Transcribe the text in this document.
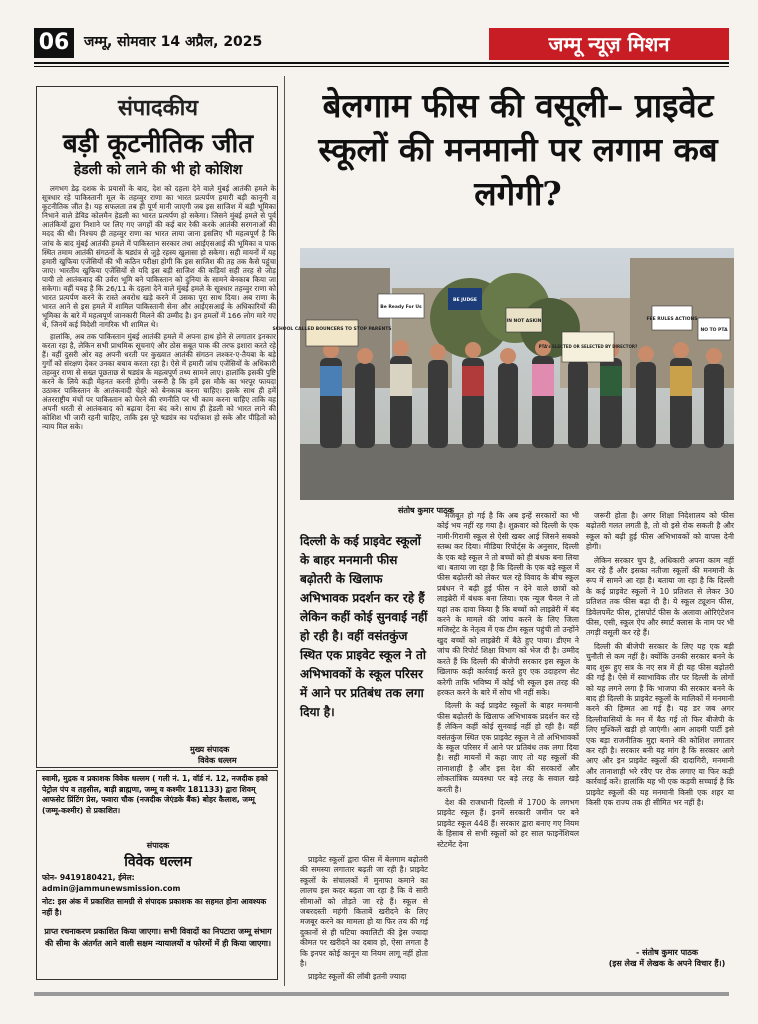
06	जम्मू, सोमवार 14 अप्रैल, 2025	जम्मू न्यूज़ मिशन
संपादकीय
बड़ी कूटनीतिक जीत
हेडली को लाने की भी हो कोशिश

लगभग डेढ़ दशक के प्रयासों के बाद, देश को दहला देने वाले मुंबई आतंकी हमले के सूत्रधार रहे पाकिस्तानी मूल के तहव्वुर राणा का भारत प्रत्यर्पण हमारी बड़ी कानूनी व कूटनीतिक जीत है। यह सफलता तब ही पूर्ण मानी जाएगी जब इस साजिश में बड़ी भूमिका निभाने वाले डेविड कोलमैन हेडली का भारत प्रत्यर्पण हो सकेगा। जिसने मुंबई हमले से पूर्व आतंकियों द्वारा निशाने पर लिए गए जगहों की कई बार रेकी करके आतंकी सरगनाओं की मदद की थी। निश्चय ही तहव्वुर राणा का भारत लाया जाना इसलिए भी महत्वपूर्ण है कि जांच के बाद मुंबई आतंकी हमले में पाकिस्तान सरकार तथा आईएसआई की भूमिका व पाक स्थित तमाम आतंकी संगठनों के षड्यंत्र से जुड़े रहस्य खुलासा हो सकेगा। सही मायनों में यह हमारी खुफिया एजेंसियों की भी कठिन परीक्षा होगी कि इस साजिश की तह तक कैसे पहुंचा जाए। भारतीय खुफिया एजेंसियों से यदि इस बड़ी साजिश की कड़ियां सही तरह से जोड़ पायी तो आतंकवाद की उर्वरा भूमि बने पाकिस्तान को दुनिया के सामने बेनकाब किया जा सकेगा। वहीं यवह है कि 26/11 के दहला देने वाले मुंबई हमले के सूत्रधार तहव्वुर राणा को भारत प्रत्यर्पण करने के रास्ते अवरोध खड़े करने में उसका पूरा साथ दिया। अब राणा के भारत आने से इस हमले में शामिल पाकिस्तानी सेना और आईएसआई के अधिकारियों की भूमिका के बारे में महत्वपूर्ण जानकारी मिलने की उम्मीद है। इन हमलों में 166 लोग मारे गए थे, जिनमें कई विदेशी नागरिक भी शामिल थे।

हालांकि, अब तक पाकिस्तान मुंबई आतंकी हमले में अपना हाथ होने से लगातार इनकार करता रहा है, लेकिन सभी प्राथमिक सूचनाएं और ठोस सबूत पाक की तरफ इशारा करते रहे हैं। वहीं दुसरी ओर वह अपनी धरती पर कुख्यात आतंकी संगठन लश्कर-ए-तैयबा के बड़े गुर्गों को संरक्षण देकर उनका बचाव करता रहा है। ऐसे में हमारी जांच एजेंसियों के अधिकारी तहव्वुर राणा से सख्त पूछताछ से षड्यंत्र के महत्वपूर्ण तथ्य सामने लाए। हालांकि इसकी पुष्टि करने के लिये कड़ी मेहनत करनी होगी। जरूरी है कि हमें इस मौके का भरपूर फायदा उठाकर पाकिस्तान के आतंकवादी चेहरे को बेनकाब करना चाहिए। इसके साथ ही हमें अंतरराष्ट्रीय मंचों पर पाकिस्तान को घेरने की रणनीति पर भी काम करना चाहिए ताकि वह अपनी धरती से आतंकवाद को बढ़ावा देना बंद करे। साथ ही हेडली को भारत लाने की कोशिश भी जारी रहनी चाहिए, ताकि इस पूरे षड्यंत्र का पर्दाफाश हो सके और पीड़ितों को न्याय मिल सके।

मुख्य संपादक
विवेक धल्लम
स्वामी, मुद्रक व प्रकाशक विवेक धल्लम ( गली नं. 1, वॉर्ड नं. 12, नजदीक हको पेट्रोल पंप व तहसील, बाड़ी ब्राह्मणा, जम्मू व कश्मीर 181133) द्वारा शिवम् आफसेट प्रिंटिंग प्रेस, फवारा चौक (नजदीक जेएंडके बैंक) बोहर कैलाश, जम्मू (जम्मू-कश्मीर) से प्रकाशित।
संपादक
विवेक धल्लम
फोन- 9419180421, ईमेल: admin@jammunewsmission.com
नोट: इस अंक में प्रकाशित सामग्री से संपादक प्रकाशक का सहमत होना आवश्यक नहीं है।
प्राप्त रचनाकरण प्रकाशित किया जाएगा। सभी विवादों का निपटारा जम्मू संभाग की सीमा के अंतर्गत आने वाली सक्षम न्यायालयों व फोरमों में ही किया जाएगा।
बेलगाम फीस की वसूली– प्राइवेट स्कूलों की मनमानी पर लगाम कब लगेगी?
SCHOOL CALLED BOUNCERS TO STOP PARENTS
Be Ready For Us
BE JUDGE
PTA's ELECTED OR SELECTED BY DIRECTOR?
FEE RULES ACTIONS
IN NOT ASKIN
NO TO PTA
संतोष कुमार पाठक
दिल्ली के कई प्राइवेट स्कूलों के बाहर मनमानी फीस बढ़ोतरी के खिलाफ अभिभावक प्रदर्शन कर रहे हैं लेकिन कहीं कोई सुनवाई नहीं हो रही है। वहीं वसंतकुंज स्थित एक प्राइवेट स्कूल ने तो अभिभावकों के स्कूल परिसर में आने पर प्रतिबंध तक लगा दिया है।

प्राइवेट स्कूलों द्वारा फीस में बेलगाम बढ़ोतरी की समस्या लगातार बढ़ती जा रही है। प्राइवेट स्कूलों के संचालकों में मुनाफा कमाने का लालच इस कदर बढ़ता जा रहा है कि वे सारी सीमाओं को तोड़ते जा रहे हैं। स्कूल से जबरदस्ती महंगी किताबें खरीदने के लिए मजबूर करने का मामला हो या फिर तय की गई दुकानों से ही घटिया क्वालिटी की ड्रेस ज्यादा कीमत पर खरीदने का दबाव हो, ऐसा लगता है कि इनपर कोई कानून या नियम लागू नहीं होता है।

प्राइवेट स्कूलों की लॉबी इतनी ज्यादा

मजबूत हो गई है कि अब इन्हें सरकारों का भी कोई भय नहीं रह गया है। शुक्रवार को दिल्ली के एक नामी-गिरामी स्कूल से ऐसी खबर आई जिसने सबको स्तब्ध कर दिया। मीडिया रिपोर्ट्स के अनुसार, दिल्ली के एक बड़े स्कूल ने तो बच्चों को ही बंधक बना लिया था। बताया जा रहा है कि दिल्ली के एक बड़े स्कूल में फीस बढ़ोतरी को लेकर चल रहे विवाद के बीच स्कूल प्रबंधन ने बढ़ी हुई फीस न देने वाले छात्रों को लाइब्रेरी में बंधक बना लिया। एक न्यूज चैनल ने तो यहां तक दावा किया है कि बच्चों को लाइब्रेरी में बंद करने के मामले की जांच करने के लिए जिला मजिस्ट्रेट के नेतृत्व में एक टीम स्कूल पहुंची तो उन्होंने खुद बच्चों को लाइब्रेरी में बैठे हुए पाया। डीएम ने जांच की रिपोर्ट शिक्षा विभाग को भेज दी है। उम्मीद करते हैं कि दिल्ली की बीजेपी सरकार इस स्कूल के खिलाफ कड़ी कार्रवाई करते हुए एक उदाहरण सेट करेगी ताकि भविष्य में कोई भी स्कूल इस तरह की हरकत करने के बारे में सोच भी नहीं सके।

दिल्ली के कई प्राइवेट स्कूलों के बाहर मनमानी फीस बढ़ोतरी के खिलाफ अभिभावक प्रदर्शन कर रहे हैं लेकिन कहीं कोई सुनवाई नहीं हो रही है। वहीं वसंतकुंज स्थित एक प्राइवेट स्कूल ने तो अभिभावकों के स्कूल परिसर में आने पर प्रतिबंध तक लगा दिया है। सही मायनों में कहा जाए तो यह स्कूलों की तानाशाही है और इस देश की सरकारों और लोकतांत्रिक व्यवस्था पर बड़े तरह के सवाल खड़े करती है।

देश की राजधानी दिल्ली में 1700 के लगभग प्राइवेट स्कूल हैं। इनमें सरकारी जमीन पर बने प्राइवेट स्कूल 448 हैं। सरकार द्वारा बनाए गए नियम के हिसाब से सभी स्कूलों को हर साल फाइनेंशियल स्टेटमेंट देना

जरूरी होता है। अगर शिक्षा निदेशालय को फीस बढ़ोतरी गलत लगती है, तो वो इसे रोक सकती है और स्कूल को बढ़ी हुई फीस अभिभावकों को वापस देनी होगी।

लेकिन सरकार चुप है, अधिकारी अपना काम नहीं कर रहे हैं और इसका नतीजा स्कूलों की मनमानी के रूप में सामने आ रहा है। बताया जा रहा है कि दिल्ली के कई प्राइवेट स्कूलों ने 10 प्रतिशत से लेकर 30 प्रतिशत तक फीस बढ़ा दी है। ये स्कूल ट्यूशन फीस, डिवेलपमेंट फीस, ट्रांसपोर्ट फीस के अलावा ओरिएंटेशन फीस, एसी, स्कूल ऐप और स्मार्ट क्लास के नाम पर भी तगड़ी वसूली कर रहे हैं।

दिल्ली की बीजेपी सरकार के लिए यह एक बड़ी चुनौती से कम नहीं है। क्योंकि उनकी सरकार बनने के बाद शुरू हुए सत्र के नए सत्र में ही यह फीस बढ़ोतरी की गई है। ऐसे में स्वाभाविक तौर पर दिल्ली के लोगों को यह लगने लगा है कि भाजपा की सरकार बनने के बाद ही दिल्ली के प्राइवेट स्कूलों के मालिकों में मनमानी करने की हिम्मत आ गई है। यह डर जब अगर दिल्लीवासियों के मन में बैठ गई तो फिर बीजेपी के लिए मुश्किलें खड़ी हो जाएंगी। आम आदमी पार्टी इसे एक बड़ा राजनीतिक मुद्दा बनाने की कोशिश लगातार कर रही है। सरकार बनी यह मांग है कि सरकार आगे आए और इन प्राइवेट स्कूलों की दादागिरी, मनमानी और तानाशाही भरे रवैए पर रोक लगाए या फिर कड़ी कार्रवाई करें। हालांकि यह भी एक कड़वी सच्चाई है कि प्राइवेट स्कूलों की यह मनमानी किसी एक शहर या किसी एक राज्य तक ही सीमित भर नहीं है।

- संतोष कुमार पाठक
(इस लेख में लेखक के अपने विचार हैं।)
